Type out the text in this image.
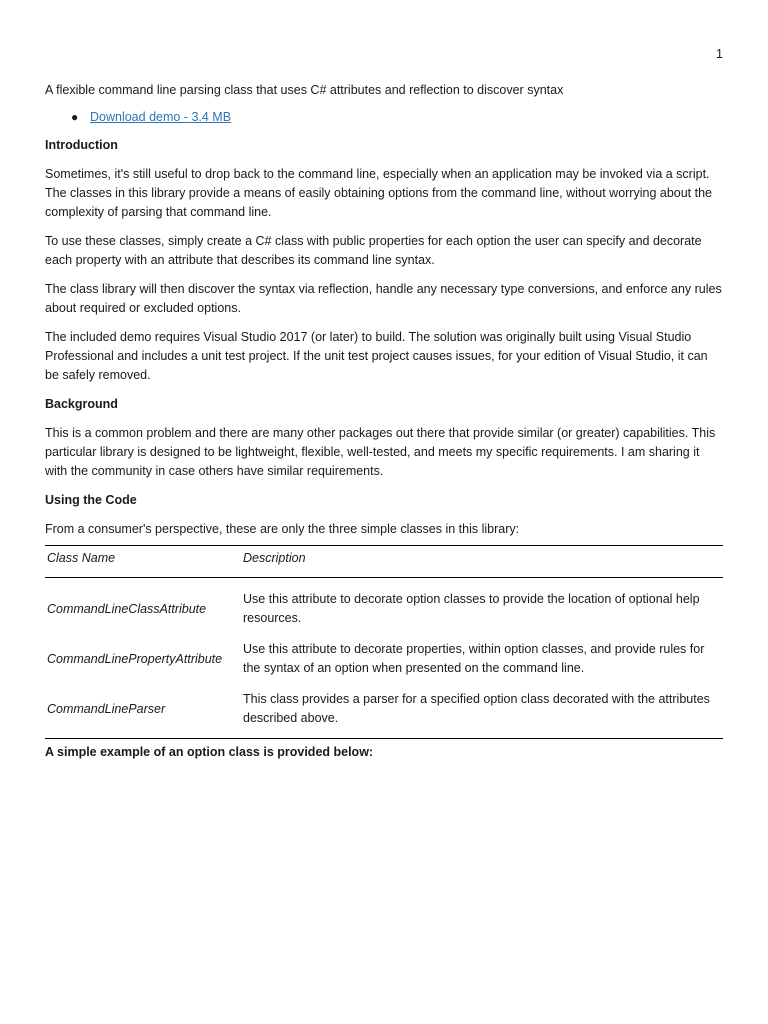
1

A flexible command line parsing class that uses C# attributes and reflection to discover syntax

● Download demo - 3.4 MB
Introduction

Sometimes, it's still useful to drop back to the command line, especially when an application may be invoked via a script. The classes in this library provide a means of easily obtaining options from the command line, without worrying about the complexity of parsing that command line.

To use these classes, simply create a C# class with public properties for each option the user can specify and decorate each property with an attribute that describes its command line syntax.

The class library will then discover the syntax via reflection, handle any necessary type conversions, and enforce any rules about required or excluded options.

The included demo requires Visual Studio 2017 (or later) to build. The solution was originally built using Visual Studio Professional and includes a unit test project. If the unit test project causes issues, for your edition of Visual Studio, it can be safely removed.

Background

This is a common problem and there are many other packages out there that provide similar (or greater) capabilities. This particular library is designed to be lightweight, flexible, well-tested, and meets my specific requirements. I am sharing it with the community in case others have similar requirements.

Using the Code

From a consumer's perspective, these are only the three simple classes in this library:

Class Name	Description
CommandLineClassAttribute	Use this attribute to decorate option classes to provide the location of optional help resources.
CommandLinePropertyAttribute	Use this attribute to decorate properties, within option classes, and provide rules for the syntax of an option when presented on the command line.
CommandLineParser	This class provides a parser for a specified option class decorated with the attributes described above.

A simple example of an option class is provided below:
